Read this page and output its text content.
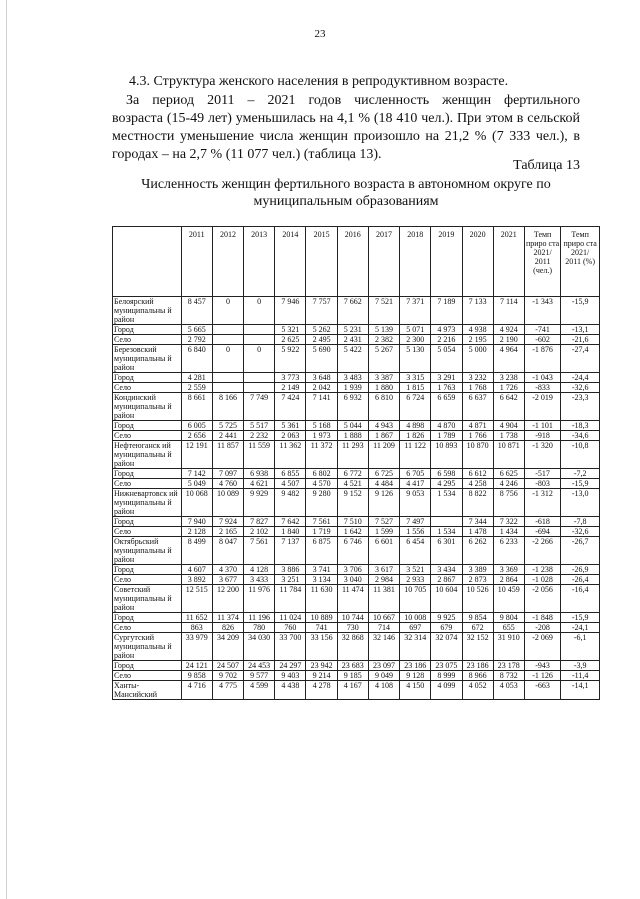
23
4.3. Структура женского населения в репродуктивном возрасте.
За период 2011 – 2021 годов численность женщин фертильного
возраста (15-49 лет) уменьшилась на 4,1 % (18 410 чел.). При этом в сельской
местности уменьшение числа женщин произошло на 21,2 % (7 333 чел.), в
городах – на 2,7 % (11 077 чел.) (таблица 13).
Таблица 13
Численность женщин фертильного возраста в автономном округе по
муниципальным образованиям
	2011	2012	2013	2014	2015	2016	2017	2018	2019	2020	2021	Темп приро ста 2021/ 2011 (чел.)	Темп приро ста 2021/ 2011 (%)
Белоярский муниципальны й район	8 457	0	0	7 946	7 757	7 662	7 521	7 371	7 189	7 133	7 114	-1 343	-15,9
Город	5 665			5 321	5 262	5 231	5 139	5 071	4 973	4 938	4 924	-741	-13,1
Село	2 792			2 625	2 495	2 431	2 382	2 300	2 216	2 195	2 190	-602	-21,6
Березовский муниципальны й район	6 840	0	0	5 922	5 690	5 422	5 267	5 130	5 054	5 000	4 964	-1 876	-27,4
Город	4 281			3 773	3 648	3 483	3 387	3 315	3 291	3 232	3 238	-1 043	-24,4
Село	2 559			2 149	2 042	1 939	1 880	1 815	1 763	1 768	1 726	-833	-32,6
Кондинский муниципальны й район	8 661	8 166	7 749	7 424	7 141	6 932	6 810	6 724	6 659	6 637	6 642	-2 019	-23,3
Город	6 005	5 725	5 517	5 361	5 168	5 044	4 943	4 898	4 870	4 871	4 904	-1 101	-18,3
Село	2 656	2 441	2 232	2 063	1 973	1 888	1 867	1 826	1 789	1 766	1 738	-918	-34,6
Нефтеюганск ий муниципальны й район	12 191	11 857	11 559	11 362	11 372	11 293	11 209	11 122	10 893	10 870	10 871	-1 320	-10,8
Город	7 142	7 097	6 938	6 855	6 802	6 772	6 725	6 705	6 598	6 612	6 625	-517	-7,2
Село	5 049	4 760	4 621	4 507	4 570	4 521	4 484	4 417	4 295	4 258	4 246	-803	-15,9
Нижневартовск ий муниципальны й район	10 068	10 089	9 929	9 482	9 280	9 152	9 126	9 053	1 534	8 822	8 756	-1 312	-13,0
Город	7 940	7 924	7 827	7 642	7 561	7 510	7 527	7 497		7 344	7 322	-618	-7,8
Село	2 128	2 165	2 102	1 840	1 719	1 642	1 599	1 556	1 534	1 478	1 434	-694	-32,6
Октябрьский муниципальны й район	8 499	8 047	7 561	7 137	6 875	6 746	6 601	6 454	6 301	6 262	6 233	-2 266	-26,7
Город	4 607	4 370	4 128	3 886	3 741	3 706	3 617	3 521	3 434	3 389	3 369	-1 238	-26,9
Село	3 892	3 677	3 433	3 251	3 134	3 040	2 984	2 933	2 867	2 873	2 864	-1 028	-26,4
Советский муниципальны й район	12 515	12 200	11 976	11 784	11 630	11 474	11 381	10 705	10 604	10 526	10 459	-2 056	-16,4
Город	11 652	11 374	11 196	11 024	10 889	10 744	10 667	10 008	9 925	9 854	9 804	-1 848	-15,9
Село	863	826	780	760	741	730	714	697	679	672	655	-208	-24,1
Сургутский муниципальны й район	33 979	34 209	34 030	33 700	33 156	32 868	32 146	32 314	32 074	32 152	31 910	-2 069	-6,1
Город	24 121	24 507	24 453	24 297	23 942	23 683	23 097	23 186	23 075	23 186	23 178	-943	-3,9
Село	9 858	9 702	9 577	9 403	9 214	9 185	9 049	9 128	8 999	8 966	8 732	-1 126	-11,4
Ханты-Мансийский	4 716	4 775	4 599	4 438	4 278	4 167	4 108	4 150	4 099	4 052	4 053	-663	-14,1
